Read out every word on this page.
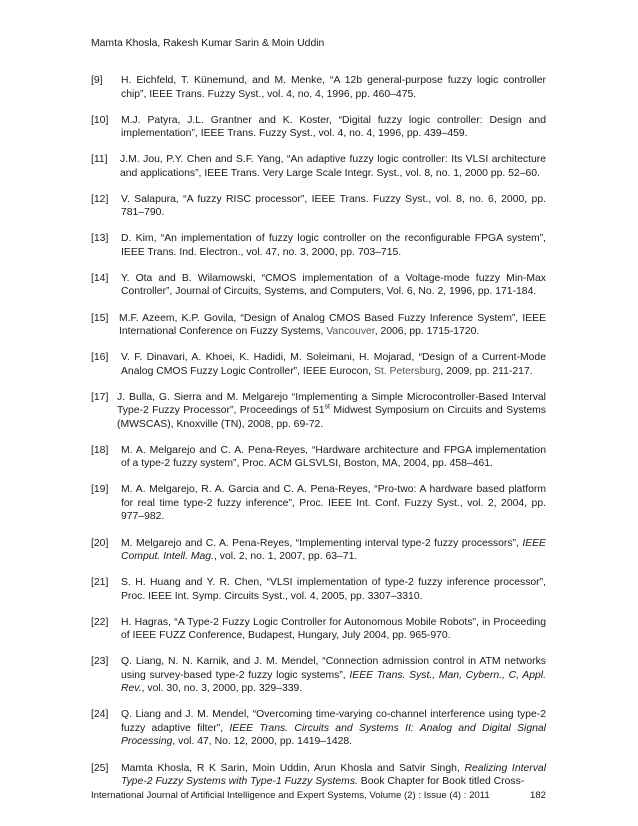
Mamta Khosla, Rakesh Kumar Sarin & Moin Uddin
[9] H. Eichfeld, T. Künemund, and M. Menke, “A 12b general-purpose fuzzy logic controller chip”, IEEE Trans. Fuzzy Syst., vol. 4, no. 4, 1996, pp. 460–475.
[10] M.J. Patyra, J.L. Grantner and K. Koster, “Digital fuzzy logic controller: Design and implementation”, IEEE Trans. Fuzzy Syst., vol. 4, no. 4, 1996, pp. 439–459.
[11] J.M. Jou, P.Y. Chen and S.F. Yang, “An adaptive fuzzy logic controller: Its VLSI architecture and applications”, IEEE Trans. Very Large Scale Integr. Syst., vol. 8, no. 1, 2000 pp. 52–60.
[12] V. Salapura, “A fuzzy RISC processor”, IEEE Trans. Fuzzy Syst., vol. 8, no. 6, 2000, pp. 781–790.
[13] D. Kim, “An implementation of fuzzy logic controller on the reconfigurable FPGA system”, IEEE Trans. Ind. Electron., vol. 47, no. 3, 2000, pp. 703–715.
[14] Y. Ota and B. Wilamowski, “CMOS implementation of a Voltage-mode fuzzy Min-Max Controller”, Journal of Circuits, Systems, and Computers, Vol. 6, No. 2, 1996, pp. 171-184.
[15] M.F. Azeem, K.P. Govila, “Design of Analog CMOS Based Fuzzy Inference System”, IEEE International Conference on Fuzzy Systems, Vancouver, 2006, pp. 1715-1720.
[16] V. F. Dinavari, A. Khoei, K. Hadidi, M. Soleimani, H. Mojarad, “Design of a Current-Mode Analog CMOS Fuzzy Logic Controller”, IEEE Eurocon, St. Petersburg, 2009, pp. 211-217.
[17] J. Bulla, G. Sierra and M. Melgarejo “Implementing a Simple Microcontroller-Based Interval Type-2 Fuzzy Processor”, Proceedings of 51st Midwest Symposium on Circuits and Systems (MWSCAS), Knoxville (TN), 2008, pp. 69-72.
[18] M. A. Melgarejo and C. A. Pena-Reyes, “Hardware architecture and FPGA implementation of a type-2 fuzzy system”, Proc. ACM GLSVLSI, Boston, MA, 2004, pp. 458–461.
[19] M. A. Melgarejo, R. A. Garcia and C. A. Pena-Reyes, “Pro-two: A hardware based platform for real time type-2 fuzzy inference”, Proc. IEEE Int. Conf. Fuzzy Syst., vol. 2, 2004, pp. 977–982.
[20] M. Melgarejo and C. A. Pena-Reyes, “Implementing interval type-2 fuzzy processors”, IEEE Comput. Intell. Mag., vol. 2, no. 1, 2007, pp. 63–71.
[21] S. H. Huang and Y. R. Chen, “VLSI implementation of type-2 fuzzy inference processor”, Proc. IEEE Int. Symp. Circuits Syst., vol. 4, 2005, pp. 3307–3310.
[22] H. Hagras, “A Type-2 Fuzzy Logic Controller for Autonomous Mobile Robots”, in Proceeding of IEEE FUZZ Conference, Budapest, Hungary, July 2004, pp. 965-970.
[23] Q. Liang, N. N. Karnik, and J. M. Mendel, “Connection admission control in ATM networks using survey-based type-2 fuzzy logic systems”, IEEE Trans. Syst., Man, Cybern., C, Appl. Rev., vol. 30, no. 3, 2000, pp. 329–339.
[24] Q. Liang and J. M. Mendel, “Overcoming time-varying co-channel interference using type-2 fuzzy adaptive filter”, IEEE Trans. Circuits and Systems II: Analog and Digital Signal Processing, vol. 47, No. 12, 2000, pp. 1419–1428.
[25] Mamta Khosla, R K Sarin, Moin Uddin, Arun Khosla and Satvir Singh, Realizing Interval Type-2 Fuzzy Systems with Type-1 Fuzzy Systems. Book Chapter for Book titled Cross-
International Journal of Artificial Intelligence and Expert Systems, Volume (2) : Issue (4) : 2011	182
